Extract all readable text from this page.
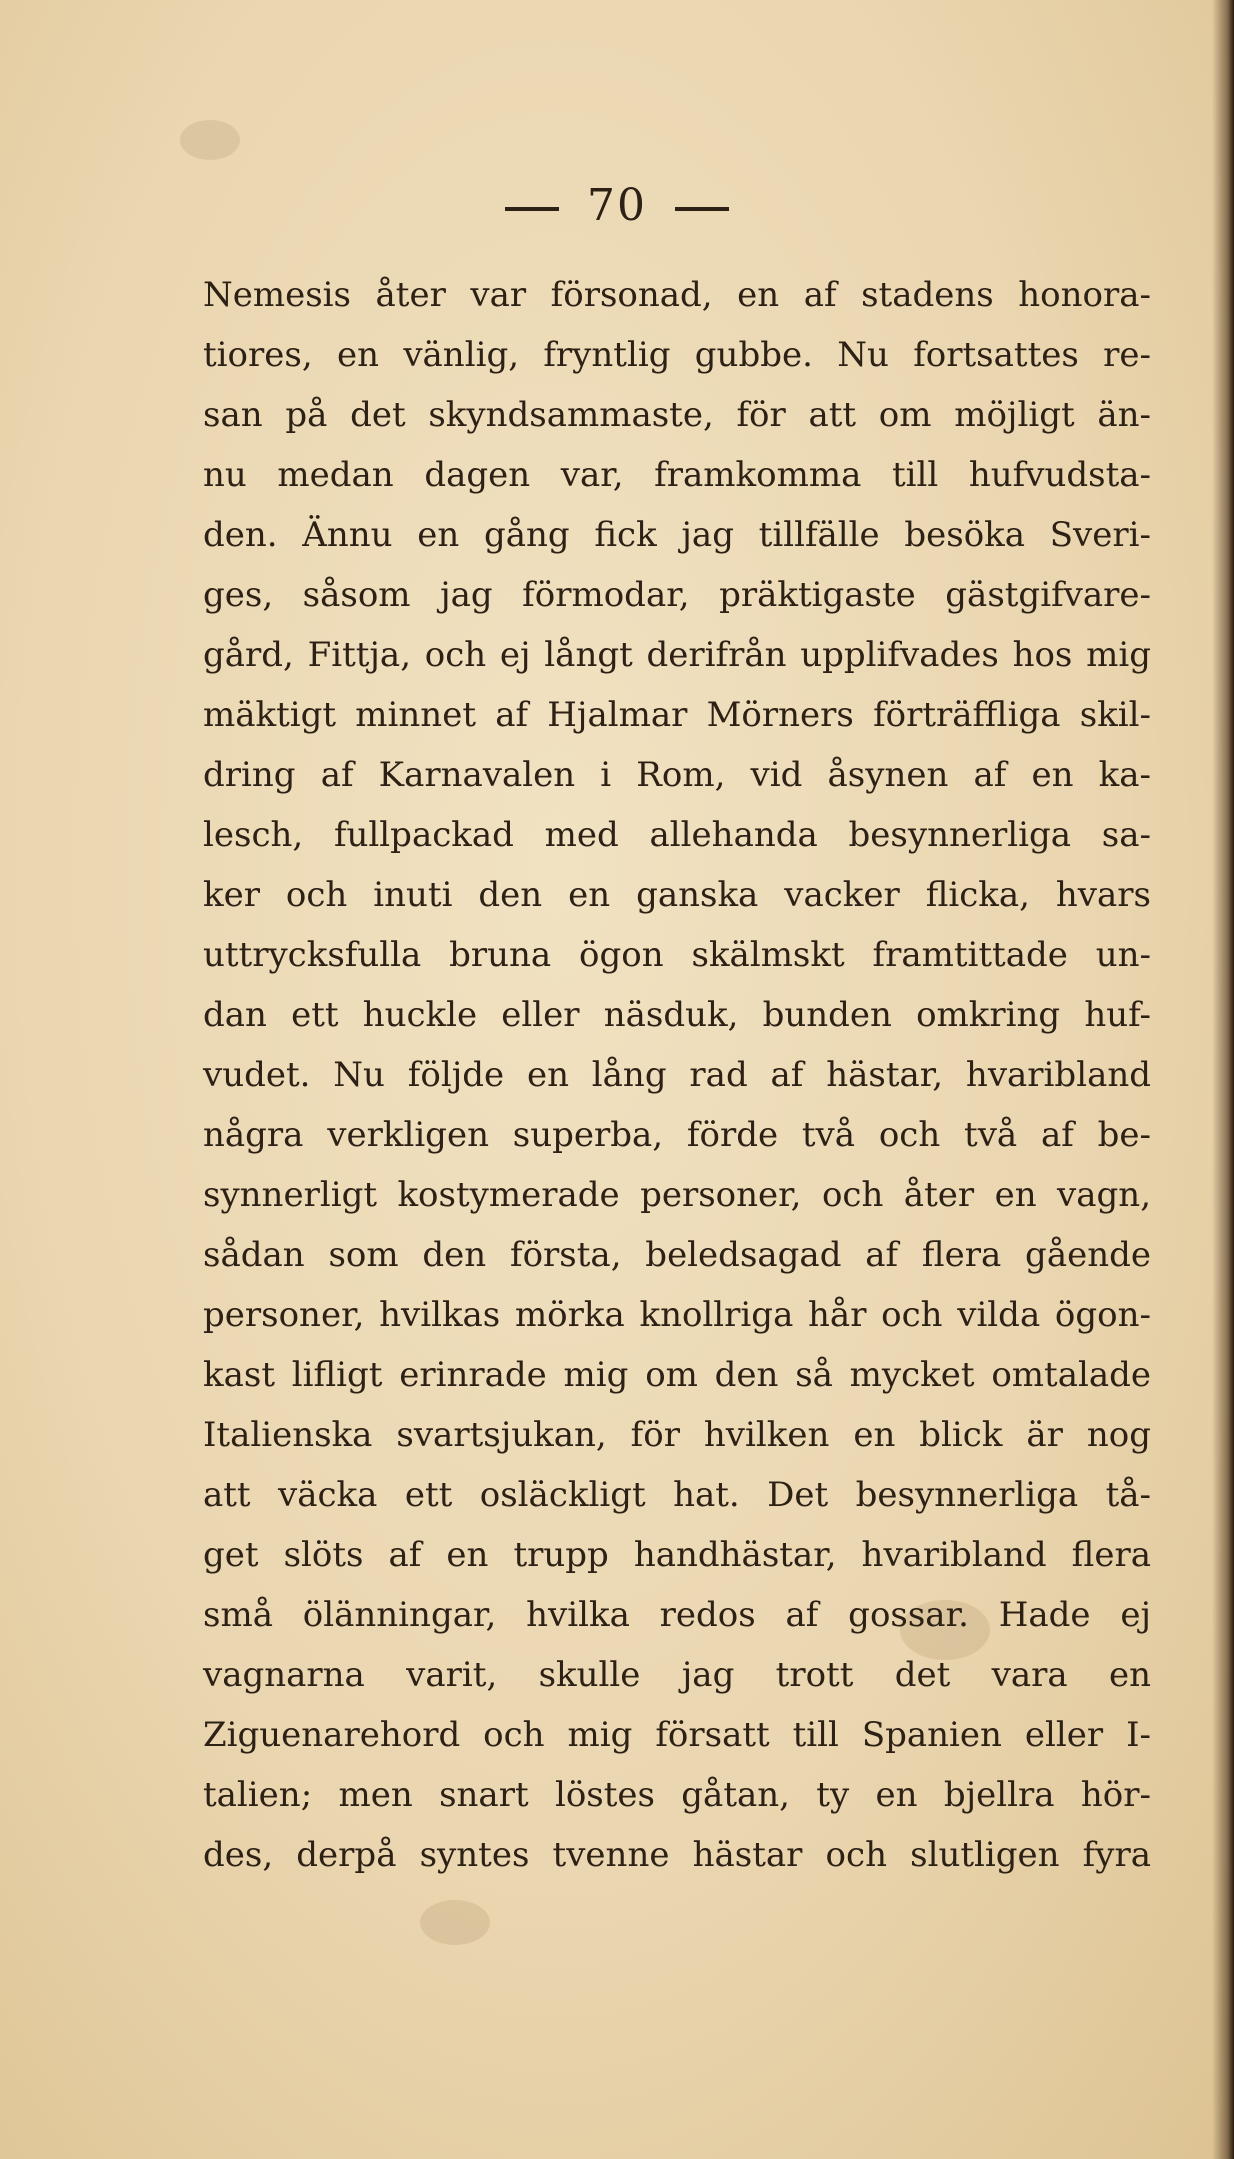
70
Nemesis åter var försonad, en af stadens honora-
tiores, en vänlig, fryntlig gubbe. Nu fortsattes re-
san på det skyndsammaste, för att om möjligt än-
nu medan dagen var, framkomma till hufvudsta-
den. Ännu en gång fick jag tillfälle besöka Sveri-
ges, såsom jag förmodar, präktigaste gästgifvare-
gård, Fittja, och ej långt derifrån upplifvades hos mig
mäktigt minnet af Hjalmar Mörners förträffliga skil-
dring af Karnavalen i Rom, vid åsynen af en ka-
lesch, fullpackad med allehanda besynnerliga sa-
ker och inuti den en ganska vacker flicka, hvars
uttrycksfulla bruna ögon skälmskt framtittade un-
dan ett huckle eller näsduk, bunden omkring huf-
vudet. Nu följde en lång rad af hästar, hvaribland
några verkligen superba, förde två och två af be-
synnerligt kostymerade personer, och åter en vagn,
sådan som den första, beledsagad af flera gående
personer, hvilkas mörka knollriga hår och vilda ögon-
kast lifligt erinrade mig om den så mycket omtalade
Italienska svartsjukan, för hvilken en blick är nog
att väcka ett osläckligt hat. Det besynnerliga tå-
get slöts af en trupp handhästar, hvaribland flera
små ölänningar, hvilka redos af gossar. Hade ej
vagnarna varit, skulle jag trott det vara en
Ziguenarehord och mig försatt till Spanien eller I-
talien; men snart löstes gåtan, ty en bjellra hör-
des, derpå syntes tvenne hästar och slutligen fyra
